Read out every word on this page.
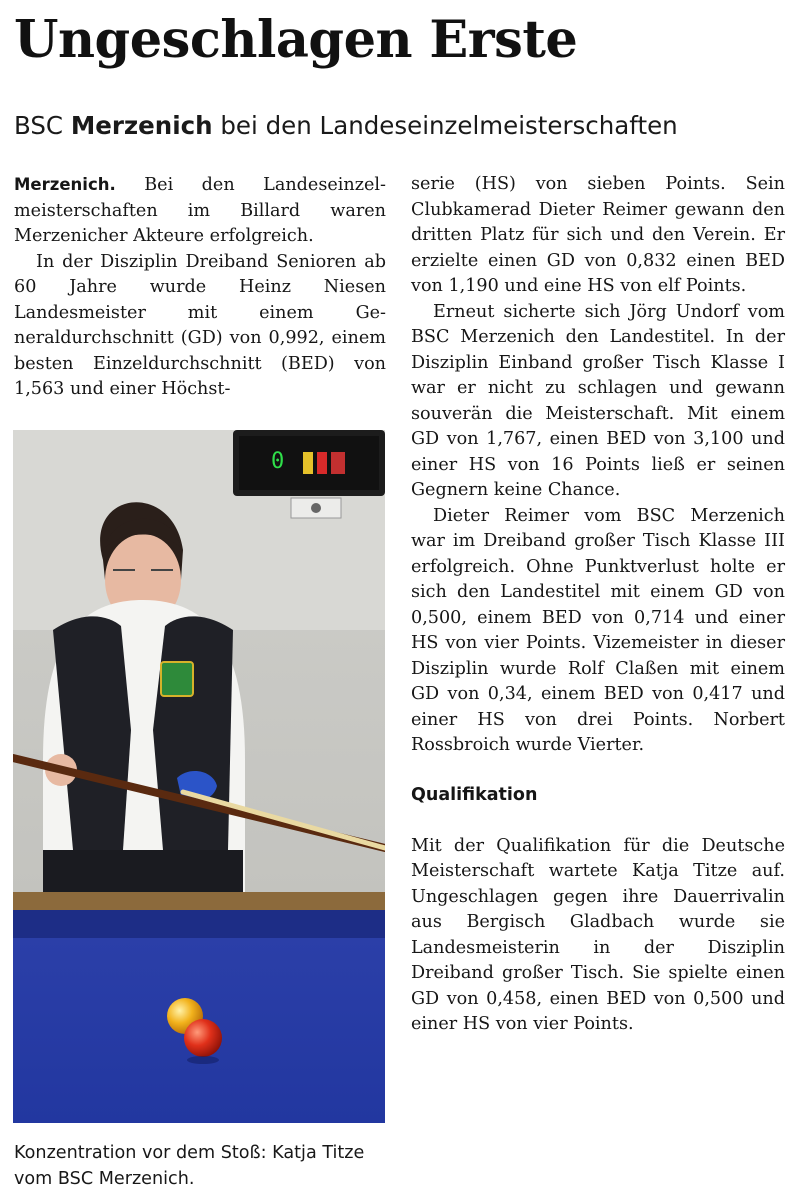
Ungeschlagen Erste
BSC Merzenich bei den Landeseinzelmeisterschaften

Merzenich. Bei den Landeseinzelmeisterschaften im Billard waren Merzenicher Akteure erfolgreich.

In der Disziplin Dreiband Senioren ab 60 Jahre wurde Heinz Niesen Landesmeister mit einem Generaldurchschnitt (GD) von 0,992, einem besten Einzeldurchschnitt (BED) von 1,563 und einer Höchst-

0
Konzentration vor dem Stoß: Katja Titze vom BSC Merzenich.

serie (HS) von sieben Points. Sein Clubkamerad Dieter Reimer gewann den dritten Platz für sich und den Verein. Er erzielte einen GD von 0,832 einen BED von 1,190 und eine HS von elf Points.

Erneut sicherte sich Jörg Undorf vom BSC Merzenich den Landestitel. In der Disziplin Einband großer Tisch Klasse I war er nicht zu schlagen und gewann souverän die Meisterschaft. Mit einem GD von 1,767, einen BED von 3,100 und einer HS von 16 Points ließ er seinen Gegnern keine Chance.

Dieter Reimer vom BSC Merzenich war im Dreiband großer Tisch Klasse III erfolgreich. Ohne Punktverlust holte er sich den Landestitel mit einem GD von 0,500, einem BED von 0,714 und einer HS von vier Points. Vizemeister in dieser Disziplin wurde Rolf Claßen mit einem GD von 0,34, einem BED von 0,417 und einer HS von drei Points. Norbert Rossbroich wurde Vierter.

Qualifikation

Mit der Qualifikation für die Deutsche Meisterschaft wartete Katja Titze auf. Ungeschlagen gegen ihre Dauerrivalin aus Bergisch Gladbach wurde sie Landesmeisterin in der Disziplin Dreiband großer Tisch. Sie spielte einen GD von 0,458, einen BED von 0,500 und einer HS von vier Points.
